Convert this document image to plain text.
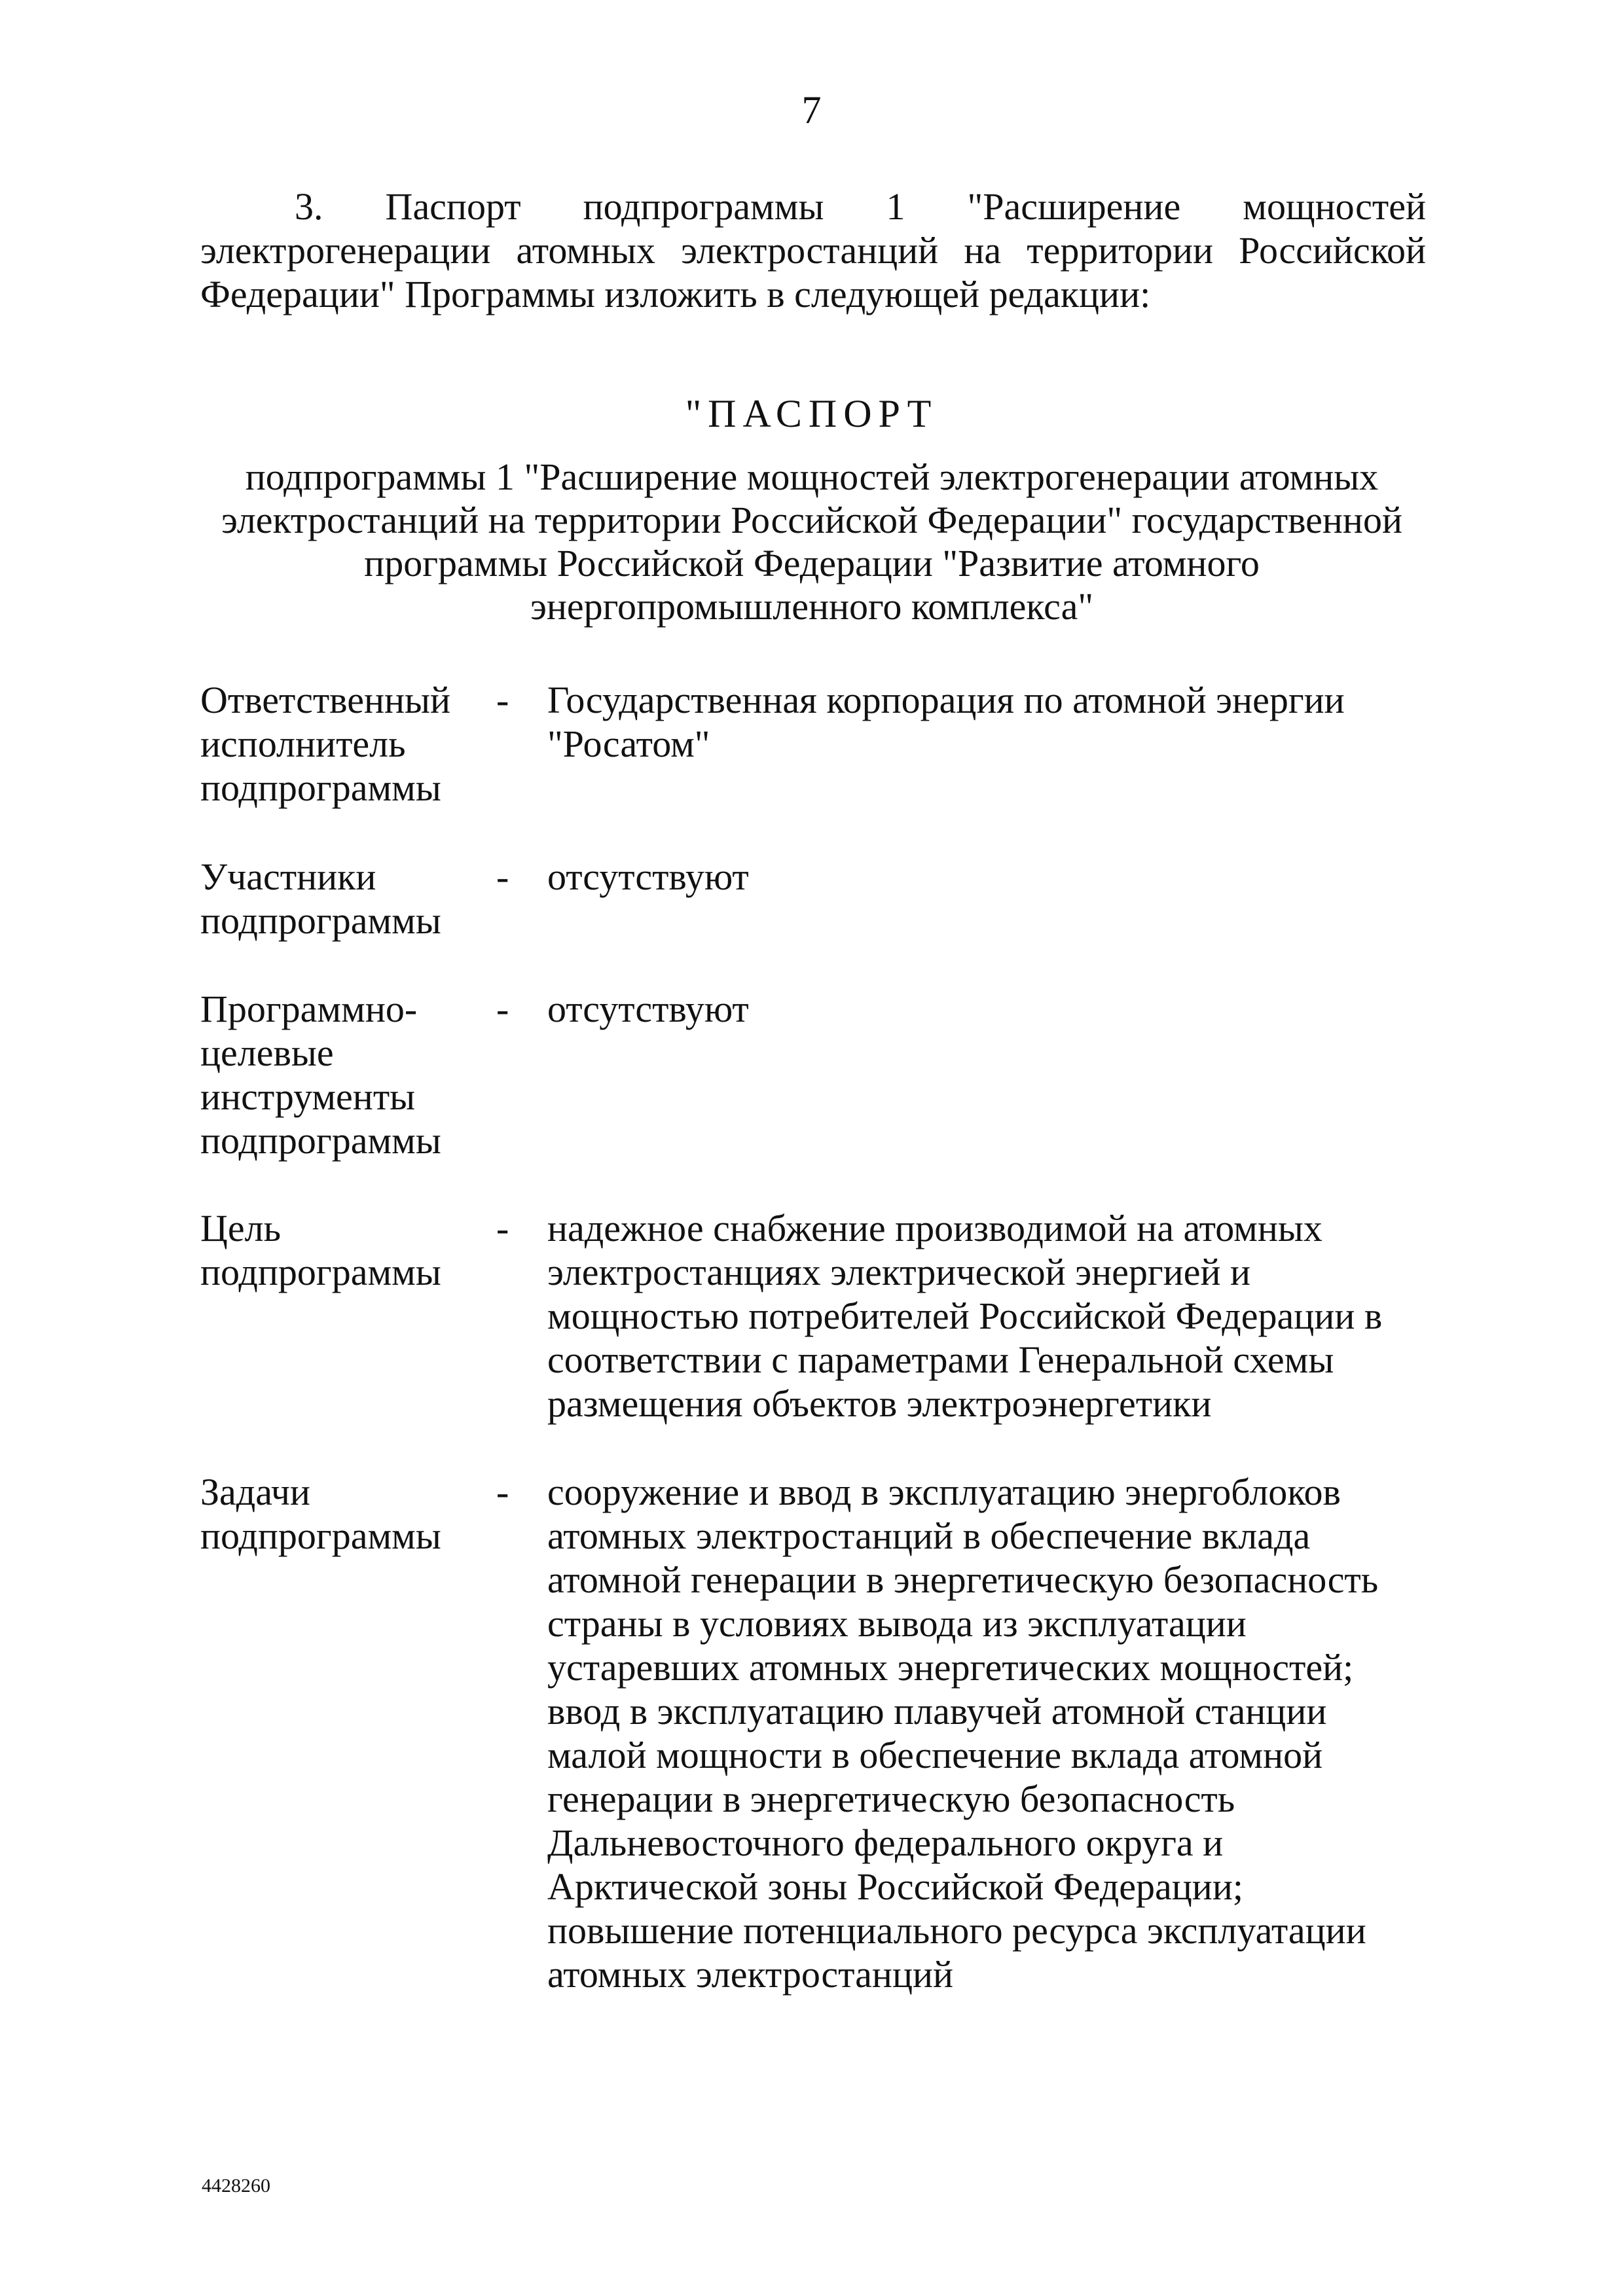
7

3. Паспорт подпрограммы 1 "Расширение мощностей электрогенерации атомных электростанций на территории Российской Федерации" Программы изложить в следующей редакции:

"ПАСПОРТ

подпрограммы 1 "Расширение мощностей электрогенерации атомных электростанций на территории Российской Федерации" государственной программы Российской Федерации "Развитие атомного энергопромышленного комплекса"

Ответственный исполнитель подпрограммы
-	Государственная корпорация по атомной энергии "Росатом"
Участники подпрограммы
-	отсутствуют
Программно-целевые инструменты подпрограммы
-	отсутствуют
Цель подпрограммы
-	надежное снабжение производимой на атомных электростанциях электрической энергией и мощностью потребителей Российской Федерации в соответствии с параметрами Генеральной схемы размещения объектов электроэнергетики
Задачи подпрограммы
-	сооружение и ввод в эксплуатацию энергоблоков атомных электростанций в обеспечение вклада атомной генерации в энергетическую безопасность страны в условиях вывода из эксплуатации устаревших атомных энергетических мощностей; ввод в эксплуатацию плавучей атомной станции малой мощности в обеспечение вклада атомной генерации в энергетическую безопасность Дальневосточного федерального округа и Арктической зоны Российской Федерации; повышение потенциального ресурса эксплуатации атомных электростанций
4428260
